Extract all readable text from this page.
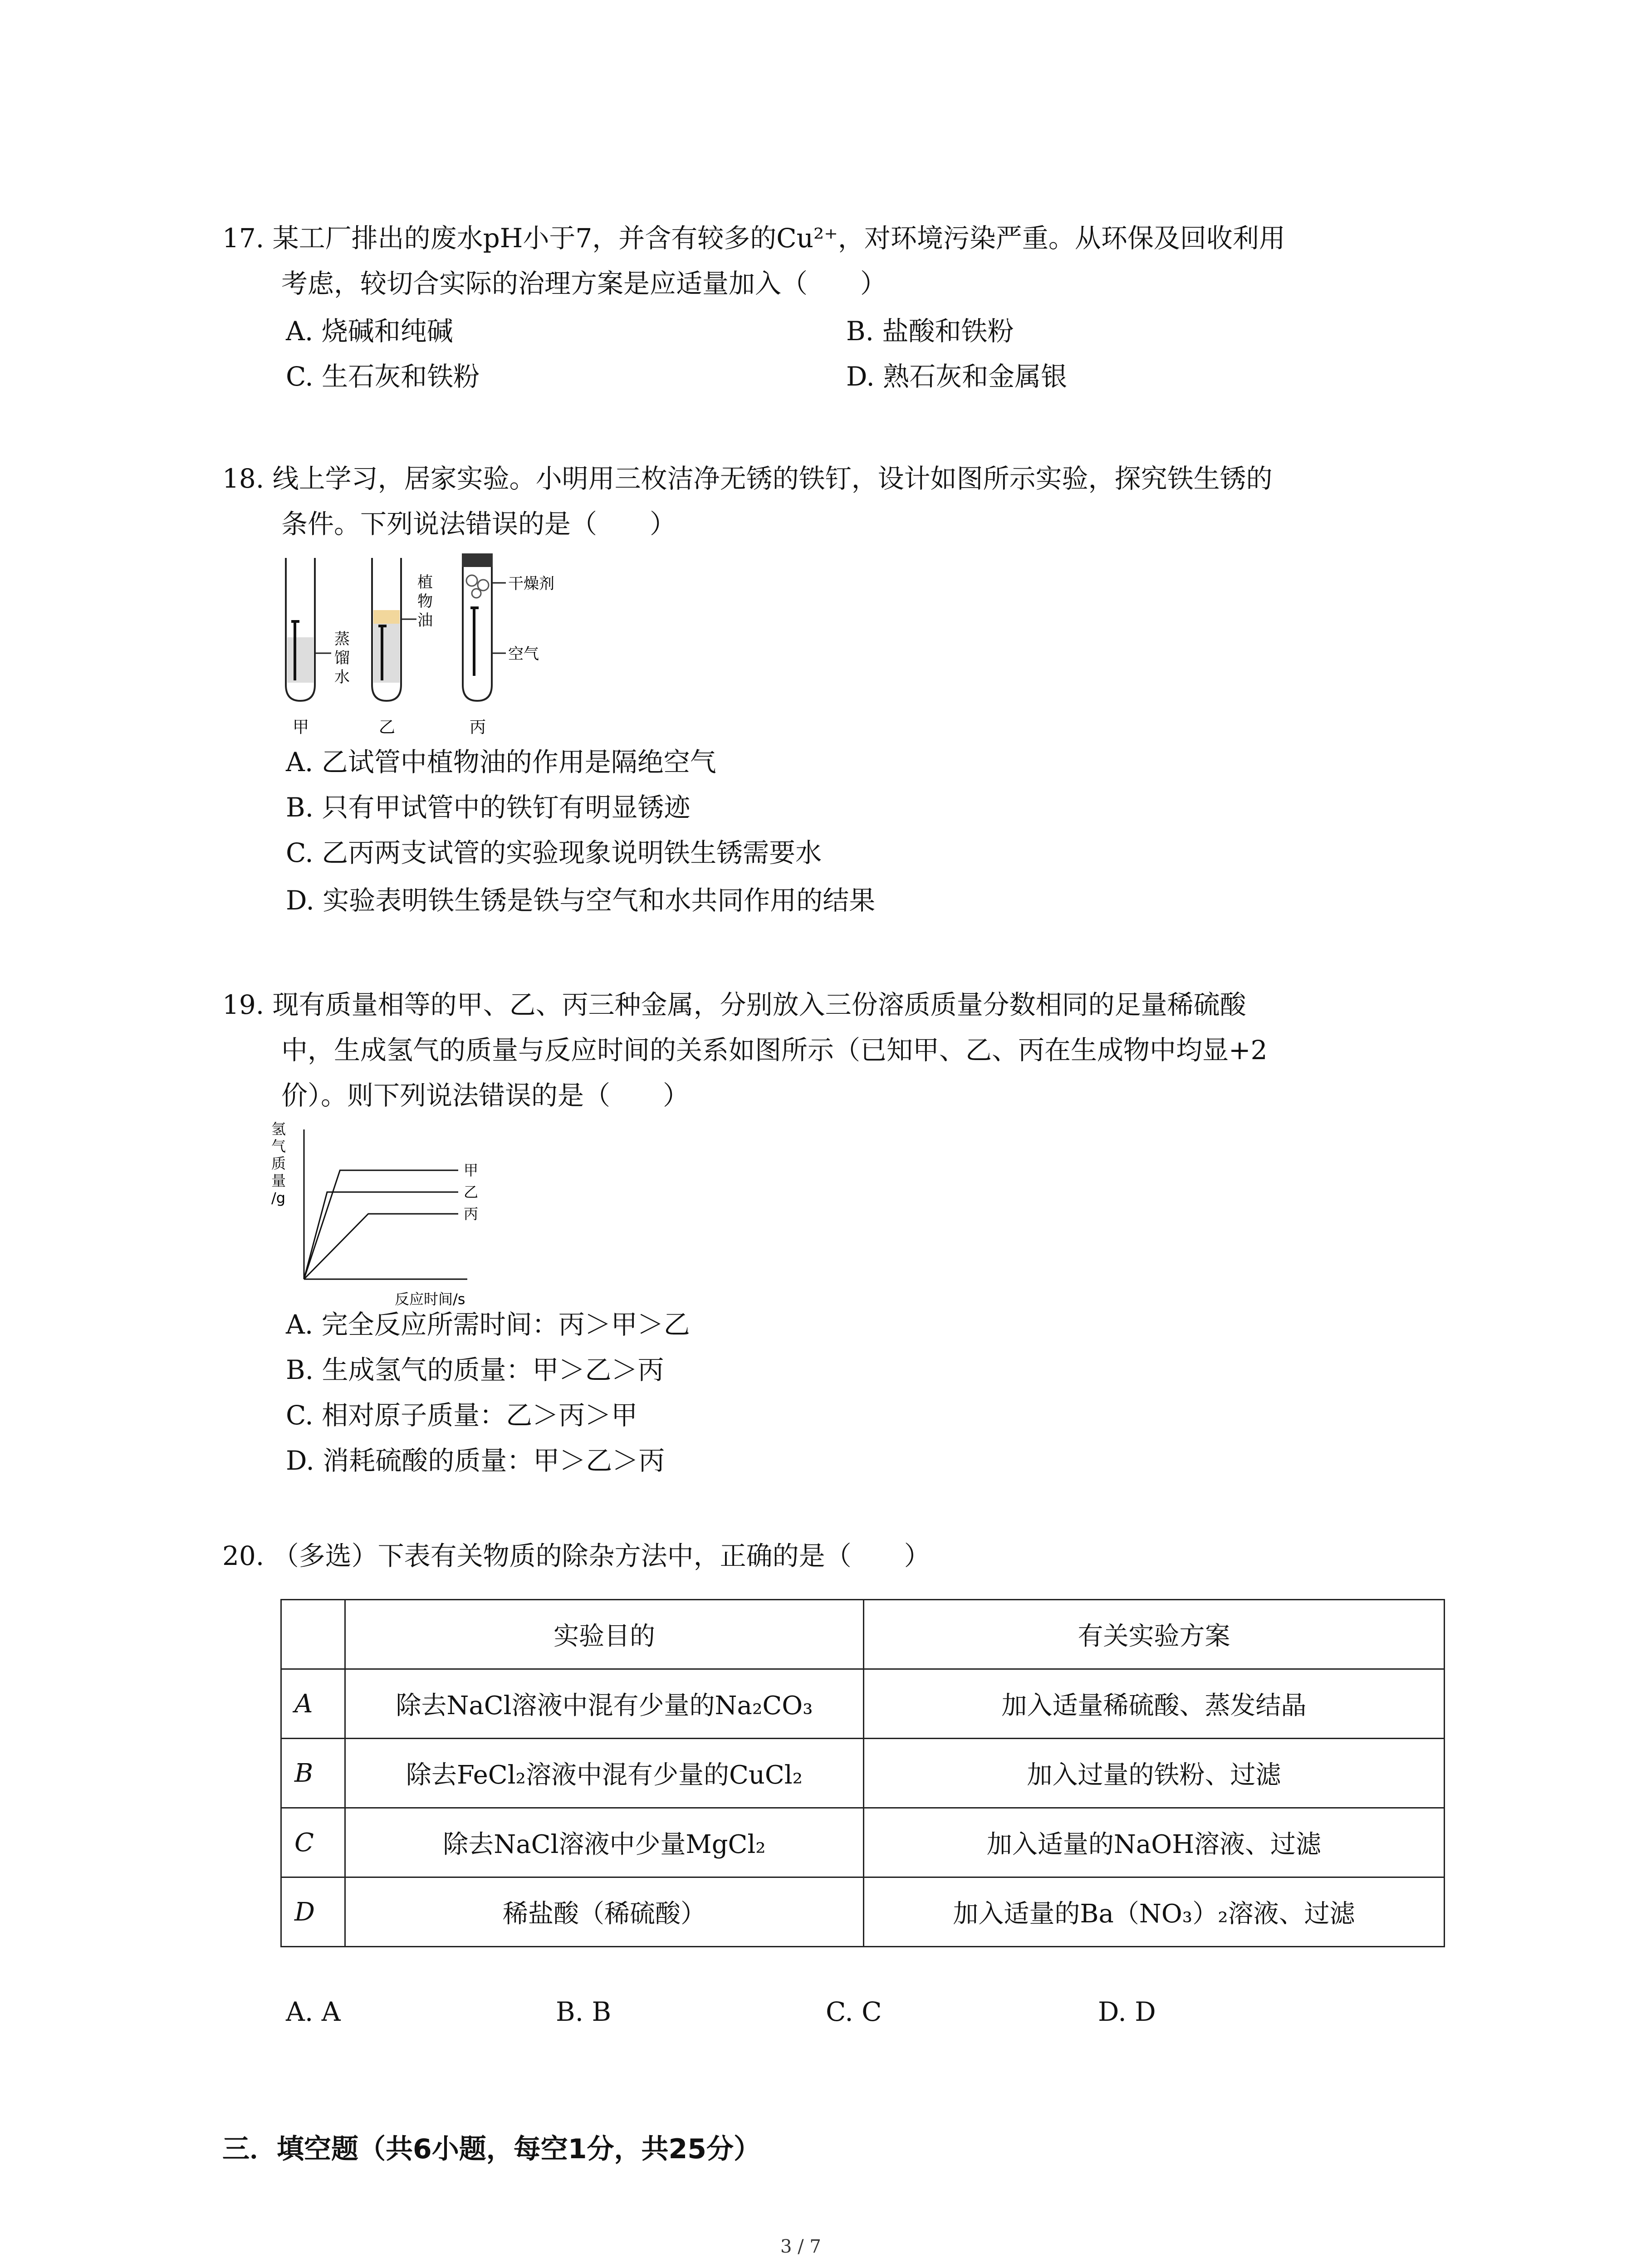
17. 某工厂排出的废水pH小于7，并含有较多的Cu²⁺，对环境污染严重。从环保及回收利用
考虑，较切合实际的治理方案是应适量加入（　　）
A. 烧碱和纯碱	B. 盐酸和铁粉
C. 生石灰和铁粉	D. 熟石灰和金属银
18. 线上学习，居家实验。小明用三枚洁净无锈的铁钉，设计如图所示实验，探究铁生锈的
条件。下列说法错误的是（　　）
蒸馏水
甲
植物油
乙
干燥剂
空气
丙
A. 乙试管中植物油的作用是隔绝空气
B. 只有甲试管中的铁钉有明显锈迹
C. 乙丙两支试管的实验现象说明铁生锈需要水
D. 实验表明铁生锈是铁与空气和水共同作用的结果
19. 现有质量相等的甲、乙、丙三种金属，分别放入三份溶质质量分数相同的足量稀硫酸
中，生成氢气的质量与反应时间的关系如图所示（已知甲、乙、丙在生成物中均显+2
价）。则下列说法错误的是（　　）
氢气质量/g
反应时间/s
甲
乙
丙
A. 完全反应所需时间：丙＞甲＞乙
B. 生成氢气的质量：甲＞乙＞丙
C. 相对原子质量：乙＞丙＞甲
D. 消耗硫酸的质量：甲＞乙＞丙
20. （多选）下表有关物质的除杂方法中，正确的是（　　）
	实验目的	有关实验方案
A	除去NaCl溶液中混有少量的Na₂CO₃	加入适量稀硫酸、蒸发结晶
B	除去FeCl₂溶液中混有少量的CuCl₂	加入过量的铁粉、过滤
C	除去NaCl溶液中少量MgCl₂	加入适量的NaOH溶液、过滤
D	稀盐酸（稀硫酸）	加入适量的Ba（NO₃）₂溶液、过滤
A. A	B. B	C. C	D. D
三．填空题（共6小题，每空1分，共25分）
3 / 7
